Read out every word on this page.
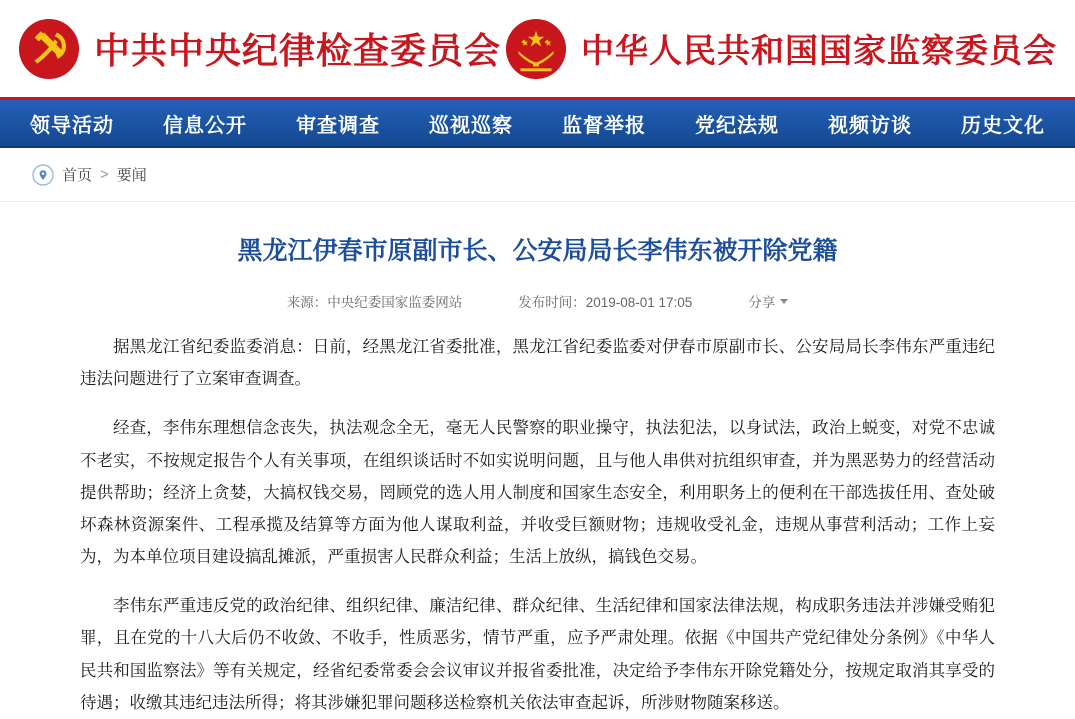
中共中央纪律检查委员会 中华人民共和国国家监察委员会
领导活动	信息公开	审查调查	巡视巡察	监督举报	党纪法规	视频访谈	历史文化
首页 > 要闻
黑龙江伊春市原副市长、公安局局长李伟东被开除党籍
来源：中央纪委国家监委网站	发布时间：2019-08-01 17:05	分享

据黑龙江省纪委监委消息：日前，经黑龙江省委批准，黑龙江省纪委监委对伊春市原副市长、公安局局长李伟东严重违纪违法问题进行了立案审查调查。

经查，李伟东理想信念丧失，执法观念全无，毫无人民警察的职业操守，执法犯法，以身试法，政治上蜕变，对党不忠诚不老实，不按规定报告个人有关事项，在组织谈话时不如实说明问题，且与他人串供对抗组织审查，并为黑恶势力的经营活动提供帮助；经济上贪婪，大搞权钱交易，罔顾党的选人用人制度和国家生态安全，利用职务上的便利在干部选拔任用、查处破坏森林资源案件、工程承揽及结算等方面为他人谋取利益，并收受巨额财物；违规收受礼金，违规从事营利活动；工作上妄为，为本单位项目建设搞乱摊派，严重损害人民群众利益；生活上放纵，搞钱色交易。

李伟东严重违反党的政治纪律、组织纪律、廉洁纪律、群众纪律、生活纪律和国家法律法规，构成职务违法并涉嫌受贿犯罪，且在党的十八大后仍不收敛、不收手，性质恶劣，情节严重，应予严肃处理。依据《中国共产党纪律处分条例》《中华人民共和国监察法》等有关规定，经省纪委常委会会议审议并报省委批准，决定给予李伟东开除党籍处分，按规定取消其享受的待遇；收缴其违纪违法所得；将其涉嫌犯罪问题移送检察机关依法审查起诉，所涉财物随案移送。
